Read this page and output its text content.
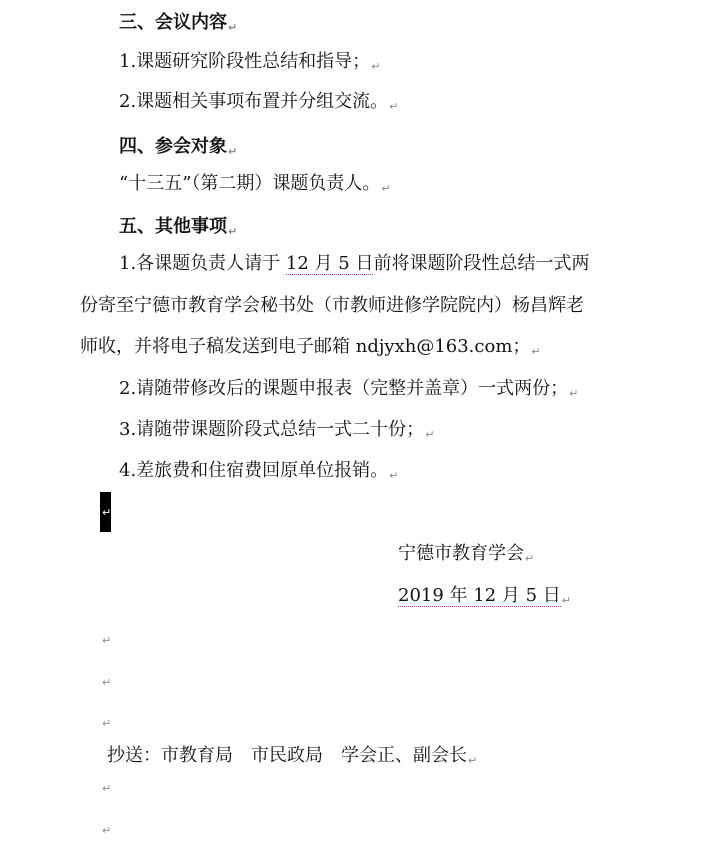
三、会议内容↵
1.课题研究阶段性总结和指导；↵
2.课题相关事项布置并分组交流。↵
四、参会对象↵
“十三五”（第二期）课题负责人。↵
五、其他事项↵
1.各课题负责人请于 12 月 5 日前将课题阶段性总结一式两
份寄至宁德市教育学会秘书处（市教师进修学院院内）杨昌辉老
师收，并将电子稿发送到电子邮箱 ndjyxh@163.com；↵
2.请随带修改后的课题申报表（完整并盖章）一式两份；↵
3.请随带课题阶段式总结一式二十份；↵
4.差旅费和住宿费回原单位报销。↵
↵
宁德市教育学会↵
2019 年 12 月 5 日↵
↵
↵
↵
抄送：市教育局　市民政局　学会正、副会长↵
↵
↵
